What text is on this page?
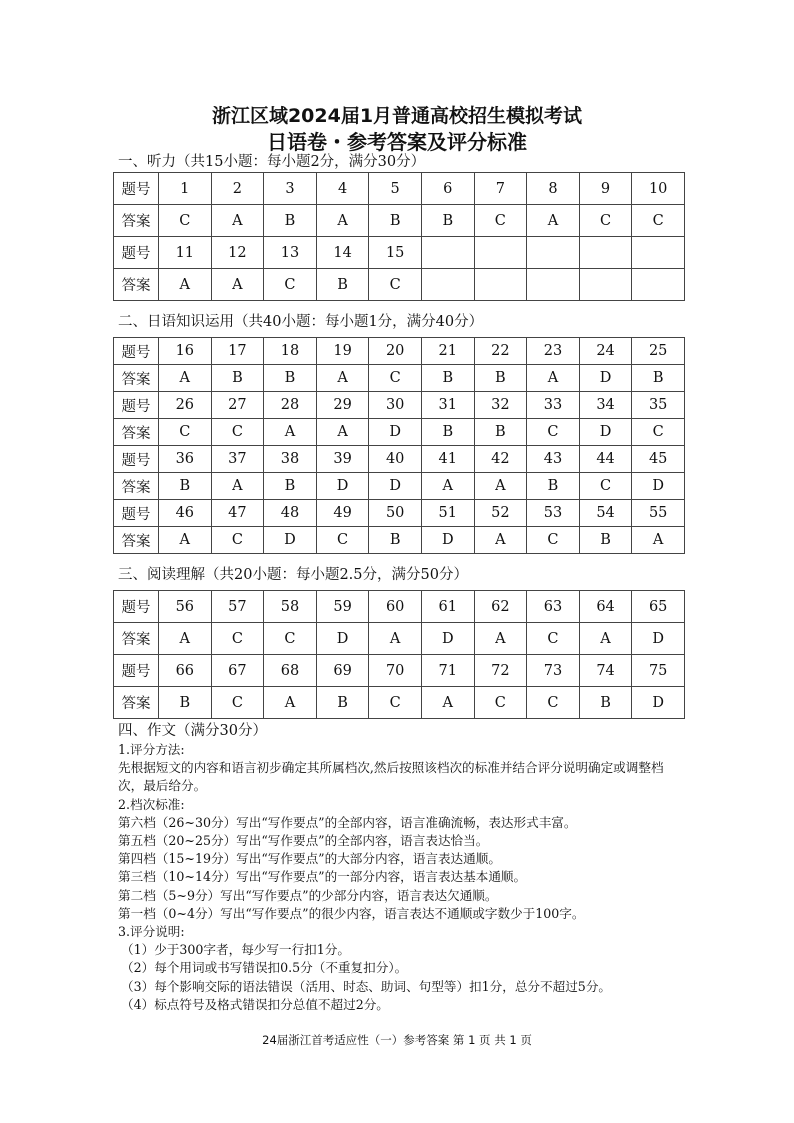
浙江区域2024届1月普通高校招生模拟考试
日语卷・参考答案及评分标准
一、听力（共15小题：每小题2分，满分30分）
题号	1	2	3	4	5	6	7	8	9	10
答案	C	A	B	A	B	B	C	A	C	C
题号	11	12	13	14	15					
答案	A	A	C	B	C					
二、日语知识运用（共40小题：每小题1分，满分40分）
题号	16	17	18	19	20	21	22	23	24	25
答案	A	B	B	A	C	B	B	A	D	B
题号	26	27	28	29	30	31	32	33	34	35
答案	C	C	A	A	D	B	B	C	D	C
题号	36	37	38	39	40	41	42	43	44	45
答案	B	A	B	D	D	A	A	B	C	D
题号	46	47	48	49	50	51	52	53	54	55
答案	A	C	D	C	B	D	A	C	B	A
三、阅读理解（共20小题：每小题2.5分，满分50分）
题号	56	57	58	59	60	61	62	63	64	65
答案	A	C	C	D	A	D	A	C	A	D
题号	66	67	68	69	70	71	72	73	74	75
答案	B	C	A	B	C	A	C	C	B	D
四、作文（满分30分）
1.评分方法:
先根据短文的内容和语言初步确定其所属档次,然后按照该档次的标准并结合评分说明确定或调整档次，最后给分。
2.档次标准:
第六档（26~30分）写出“写作要点”的全部内容，语言准确流畅，表达形式丰富。
第五档（20~25分）写出“写作要点”的全部内容，语言表达恰当。
第四档（15~19分）写出“写作要点”的大部分内容，语言表达通顺。
第三档（10~14分）写出“写作要点”的一部分内容，语言表达基本通顺。
第二档（5~9分）写出“写作要点”的少部分内容，语言表达欠通顺。
第一档（0~4分）写出“写作要点”的很少内容，语言表达不通顺或字数少于100字。
3.评分说明:
（1）少于300字者，每少写一行扣1分。
（2）每个用词或书写错误扣0.5分（不重复扣分）。
（3）每个影响交际的语法错误（活用、时态、助词、句型等）扣1分，总分不超过5分。
（4）标点符号及格式错误扣分总值不超过2分。
24届浙江首考适应性（一）参考答案 第 1 页 共 1 页
